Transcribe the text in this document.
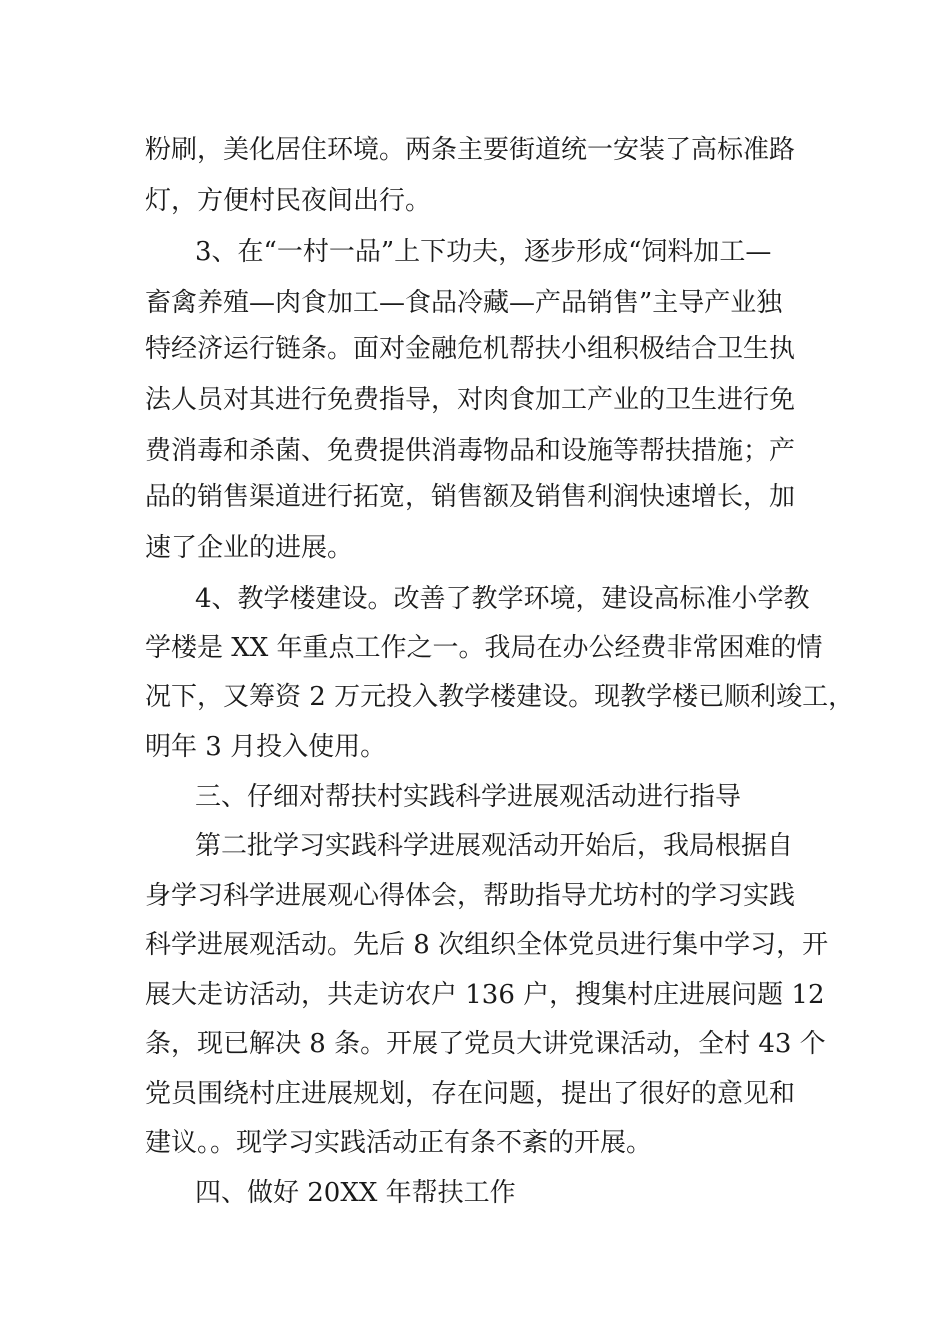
粉刷，美化居住环境。两条主要街道统一安装了高标准路
灯，方便村民夜间出行。
3、在“一村一品”上下功夫，逐步形成“饲料加工—
畜禽养殖—肉食加工—食品冷藏—产品销售”主导产业独
特经济运行链条。面对金融危机帮扶小组积极结合卫生执
法人员对其进行免费指导，对肉食加工产业的卫生进行免
费消毒和杀菌、免费提供消毒物品和设施等帮扶措施；产
品的销售渠道进行拓宽，销售额及销售利润快速增长，加
速了企业的进展。
4、教学楼建设。改善了教学环境，建设高标准小学教
学楼是 XX 年重点工作之一。我局在办公经费非常困难的情
况下，又筹资 2 万元投入教学楼建设。现教学楼已顺利竣工，
明年 3 月投入使用。
三、仔细对帮扶村实践科学进展观活动进行指导
第二批学习实践科学进展观活动开始后，我局根据自
身学习科学进展观心得体会，帮助指导尤坊村的学习实践
科学进展观活动。先后 8 次组织全体党员进行集中学习，开
展大走访活动，共走访农户 136 户，搜集村庄进展问题 12
条，现已解决 8 条。开展了党员大讲党课活动，全村 43 个
党员围绕村庄进展规划，存在问题，提出了很好的意见和
建议。。现学习实践活动正有条不紊的开展。
四、做好 20XX 年帮扶工作
